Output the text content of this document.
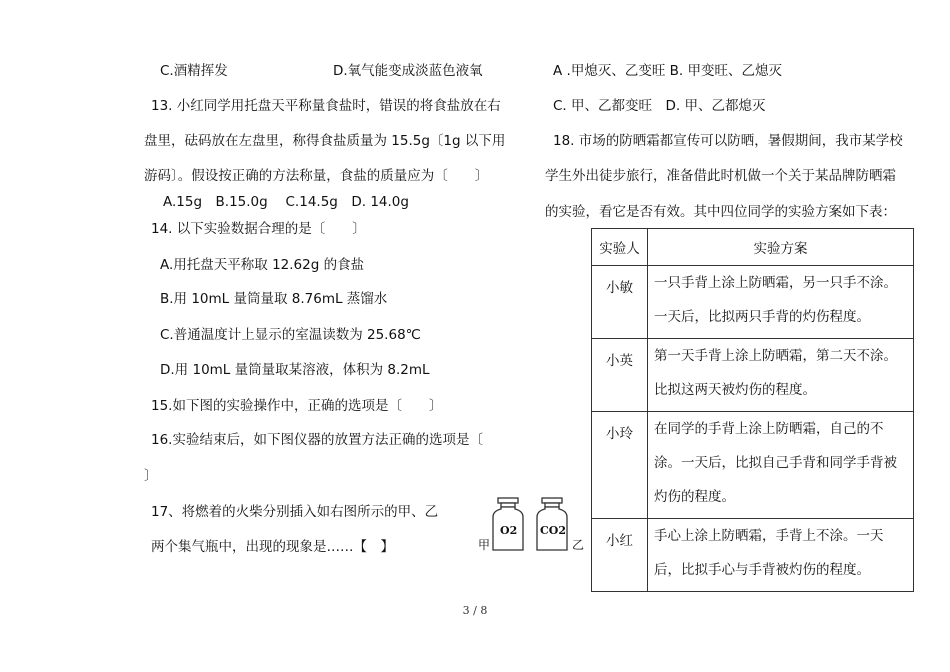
C.酒精挥发	D.氧气能变成淡蓝色液氧
13. 小红同学用托盘天平称量食盐时，错误的将食盐放在右
盘里，砝码放在左盘里，称得食盐质量为 15.5g〔1g 以下用
游码〕。假设按正确的方法称量，食盐的质量应为〔　　〕
A.15g　B.15.0g　 C.14.5g　D. 14.0g
14. 以下实验数据合理的是〔　　〕
A.用托盘天平称取 12.62g 的食盐
B.用 10mL 量筒量取 8.76mL 蒸馏水
C.普通温度计上显示的室温读数为 25.68℃
D.用 10mL 量筒量取某溶液，体积为 8.2mL
15.如下图的实验操作中，正确的选项是〔　　〕
16.实验结束后，如下图仪器的放置方法正确的选项是〔
〕
17、将燃着的火柴分别插入如右图所示的甲、乙
两个集气瓶中，出现的现象是……【　】
O2 CO2
甲	乙
A .甲熄灭、乙变旺 B. 甲变旺、乙熄灭
C. 甲、乙都变旺　D. 甲、乙都熄灭
18. 市场的防晒霜都宣传可以防晒，暑假期间，我市某学校
学生外出徒步旅行，准备借此时机做一个关于某品牌防晒霜
的实验，看它是否有效。其中四位同学的实验方案如下表：
实验人	实验方案
小敏	一只手背上涂上防晒霜，另一只手不涂。一天后，比拟两只手背的灼伤程度。
小英	第一天手背上涂上防晒霜，第二天不涂。比拟这两天被灼伤的程度。
小玲	在同学的手背上涂上防晒霜，自己的不涂。一天后，比拟自己手背和同学手背被灼伤的程度。
小红	手心上涂上防晒霜，手背上不涂。一天后，比拟手心与手背被灼伤的程度。
3 / 8
